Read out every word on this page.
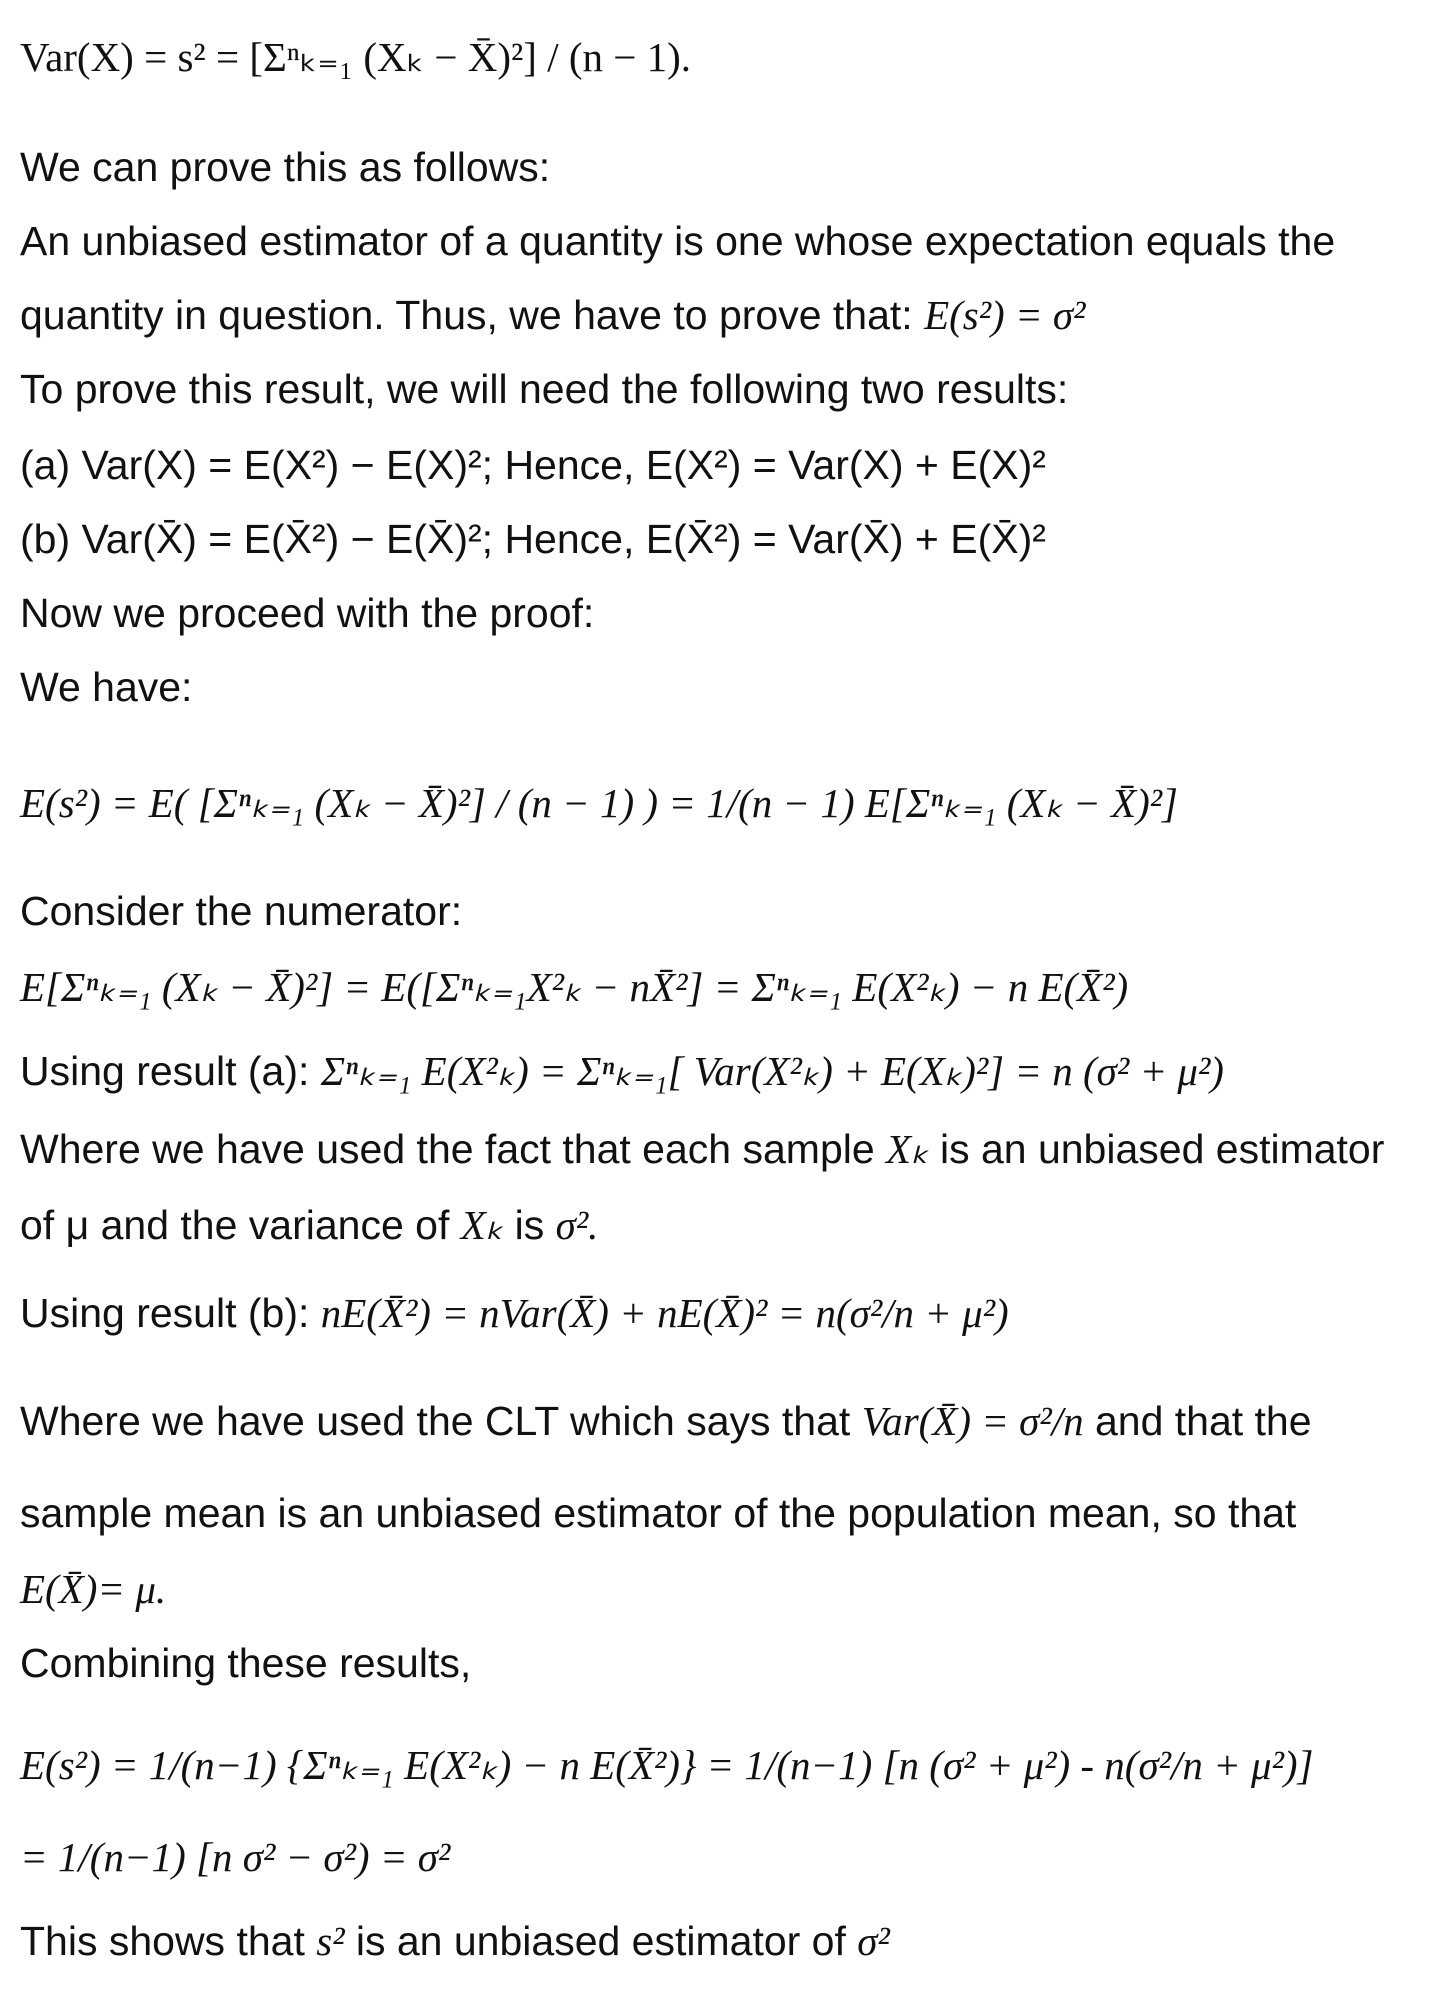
Var(X) = s² = [Σⁿₖ₌₁ (Xₖ − X̄)²] / (n − 1).
We can prove this as follows:
An unbiased estimator of a quantity is one whose expectation equals the
quantity in question. Thus, we have to prove that: E(s²) = σ²
To prove this result, we will need the following two results:
(a) Var(X) = E(X²) − E(X)²; Hence, E(X²) = Var(X) + E(X)²
(b) Var(X̄) = E(X̄²) − E(X̄)²; Hence, E(X̄²) = Var(X̄) + E(X̄)²
Now we proceed with the proof:
We have:
E(s²) = E( [Σⁿₖ₌₁ (Xₖ − X̄)²] / (n − 1) ) = 1/(n − 1) E[Σⁿₖ₌₁ (Xₖ − X̄)²]
Consider the numerator:
E[Σⁿₖ₌₁ (Xₖ − X̄)²] = E([Σⁿₖ₌₁X²ₖ − nX̄²] = Σⁿₖ₌₁ E(X²ₖ) − n E(X̄²)
Using result (a): Σⁿₖ₌₁ E(X²ₖ) = Σⁿₖ₌₁[ Var(X²ₖ) + E(Xₖ)²] = n (σ² + μ²)
Where we have used the fact that each sample Xₖ is an unbiased estimator
of μ and the variance of Xₖ is σ².
Using result (b): nE(X̄²) = nVar(X̄) + nE(X̄)² = n(σ²/n + μ²)
Where we have used the CLT which says that Var(X̄) = σ²/n and that the
sample mean is an unbiased estimator of the population mean, so that
E(X̄)= μ.
Combining these results,
E(s²) = 1/(n−1) {Σⁿₖ₌₁ E(X²ₖ) − n E(X̄²)} = 1/(n−1) [n (σ² + μ²) - n(σ²/n + μ²)]
= 1/(n−1) [n σ² − σ²) = σ²
This shows that s² is an unbiased estimator of σ²
